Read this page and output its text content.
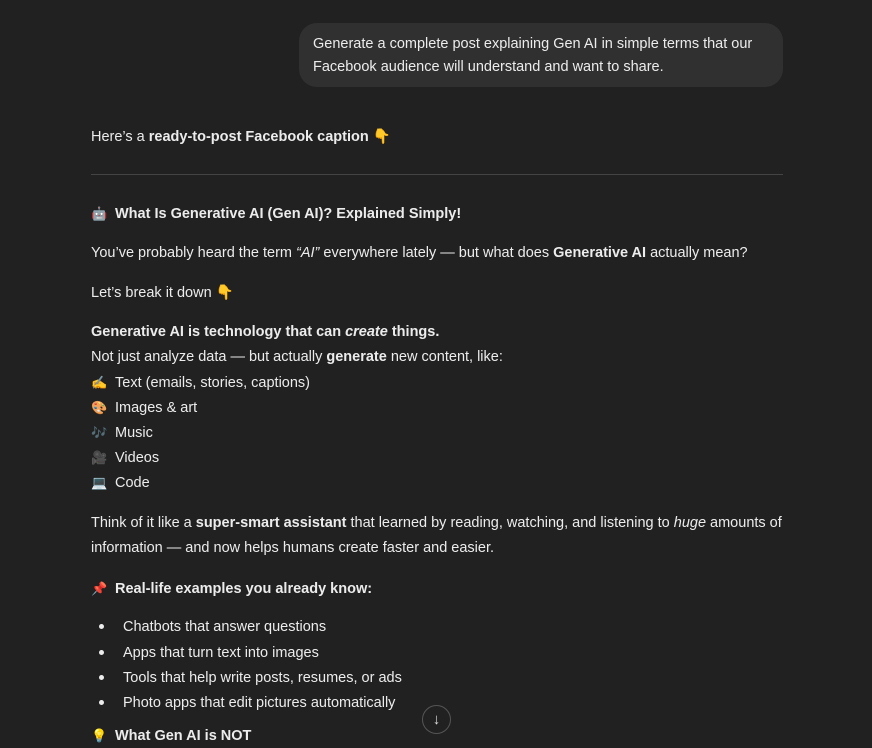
Generate a complete post explaining Gen AI in simple terms that our Facebook audience will understand and want to share.
Here’s a ready-to-post Facebook caption 👇
🤖 What Is Generative AI (Gen AI)? Explained Simply!
You’ve probably heard the term “AI” everywhere lately — but what does Generative AI actually mean?
Let’s break it down 👇
Generative AI is technology that can create things.
Not just analyze data — but actually generate new content, like:
✍️ Text (emails, stories, captions)
🎨 Images & art
🎶 Music
🎥 Videos
💻 Code
Think of it like a super-smart assistant that learned by reading, watching, and listening to huge amounts of
information — and now helps humans create faster and easier.
📌 Real-life examples you already know:
Chatbots that answer questions
Apps that turn text into images
Tools that help write posts, resumes, or ads
Photo apps that edit pictures automatically
💡 What Gen AI is NOT
↓
